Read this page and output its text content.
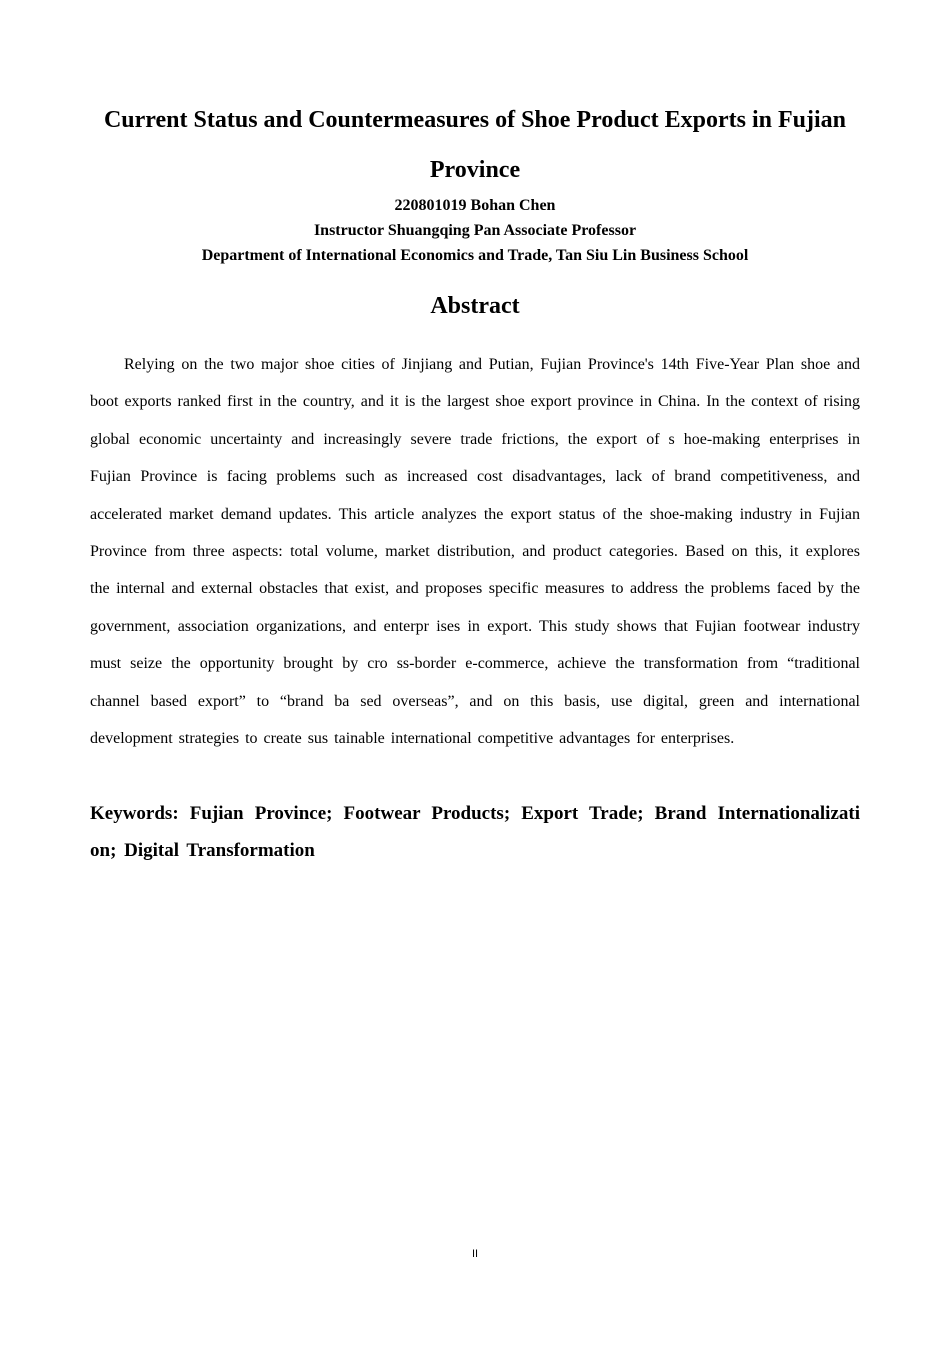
Current Status and Countermeasures of Shoe Product Exports in Fujian Province
220801019 Bohan Chen
Instructor Shuangqing Pan Associate Professor
Department of International Economics and Trade, Tan Siu Lin Business School
Abstract

Relying on the two major shoe cities of Jinjiang and Putian, Fujian Province's 14th Five-Year Plan shoe and boot exports ranked first in the country, and it is the largest shoe export province in China. In the context of rising global economic uncertainty and increasingly severe trade frictions, the export of s hoe-making enterprises in Fujian Province is facing problems such as increased cost disadvantages, lack of brand competitiveness, and accelerated market demand updates. This article analyzes the export status of the shoe-making industry in Fujian Province from three aspects: total volume, market distribution, and product categories. Based on this, it explores the internal and external obstacles that exist, and proposes specific measures to address the problems faced by the government, association organizations, and enterpr ises in export. This study shows that Fujian footwear industry must seize the opportunity brought by cro ss-border e-commerce, achieve the transformation from “traditional channel based export” to “brand ba sed overseas”, and on this basis, use digital, green and international development strategies to create sus tainable international competitive advantages for enterprises.

Keywords: Fujian Province; Footwear Products; Export Trade; Brand Internationalizati on; Digital Transformation

II
